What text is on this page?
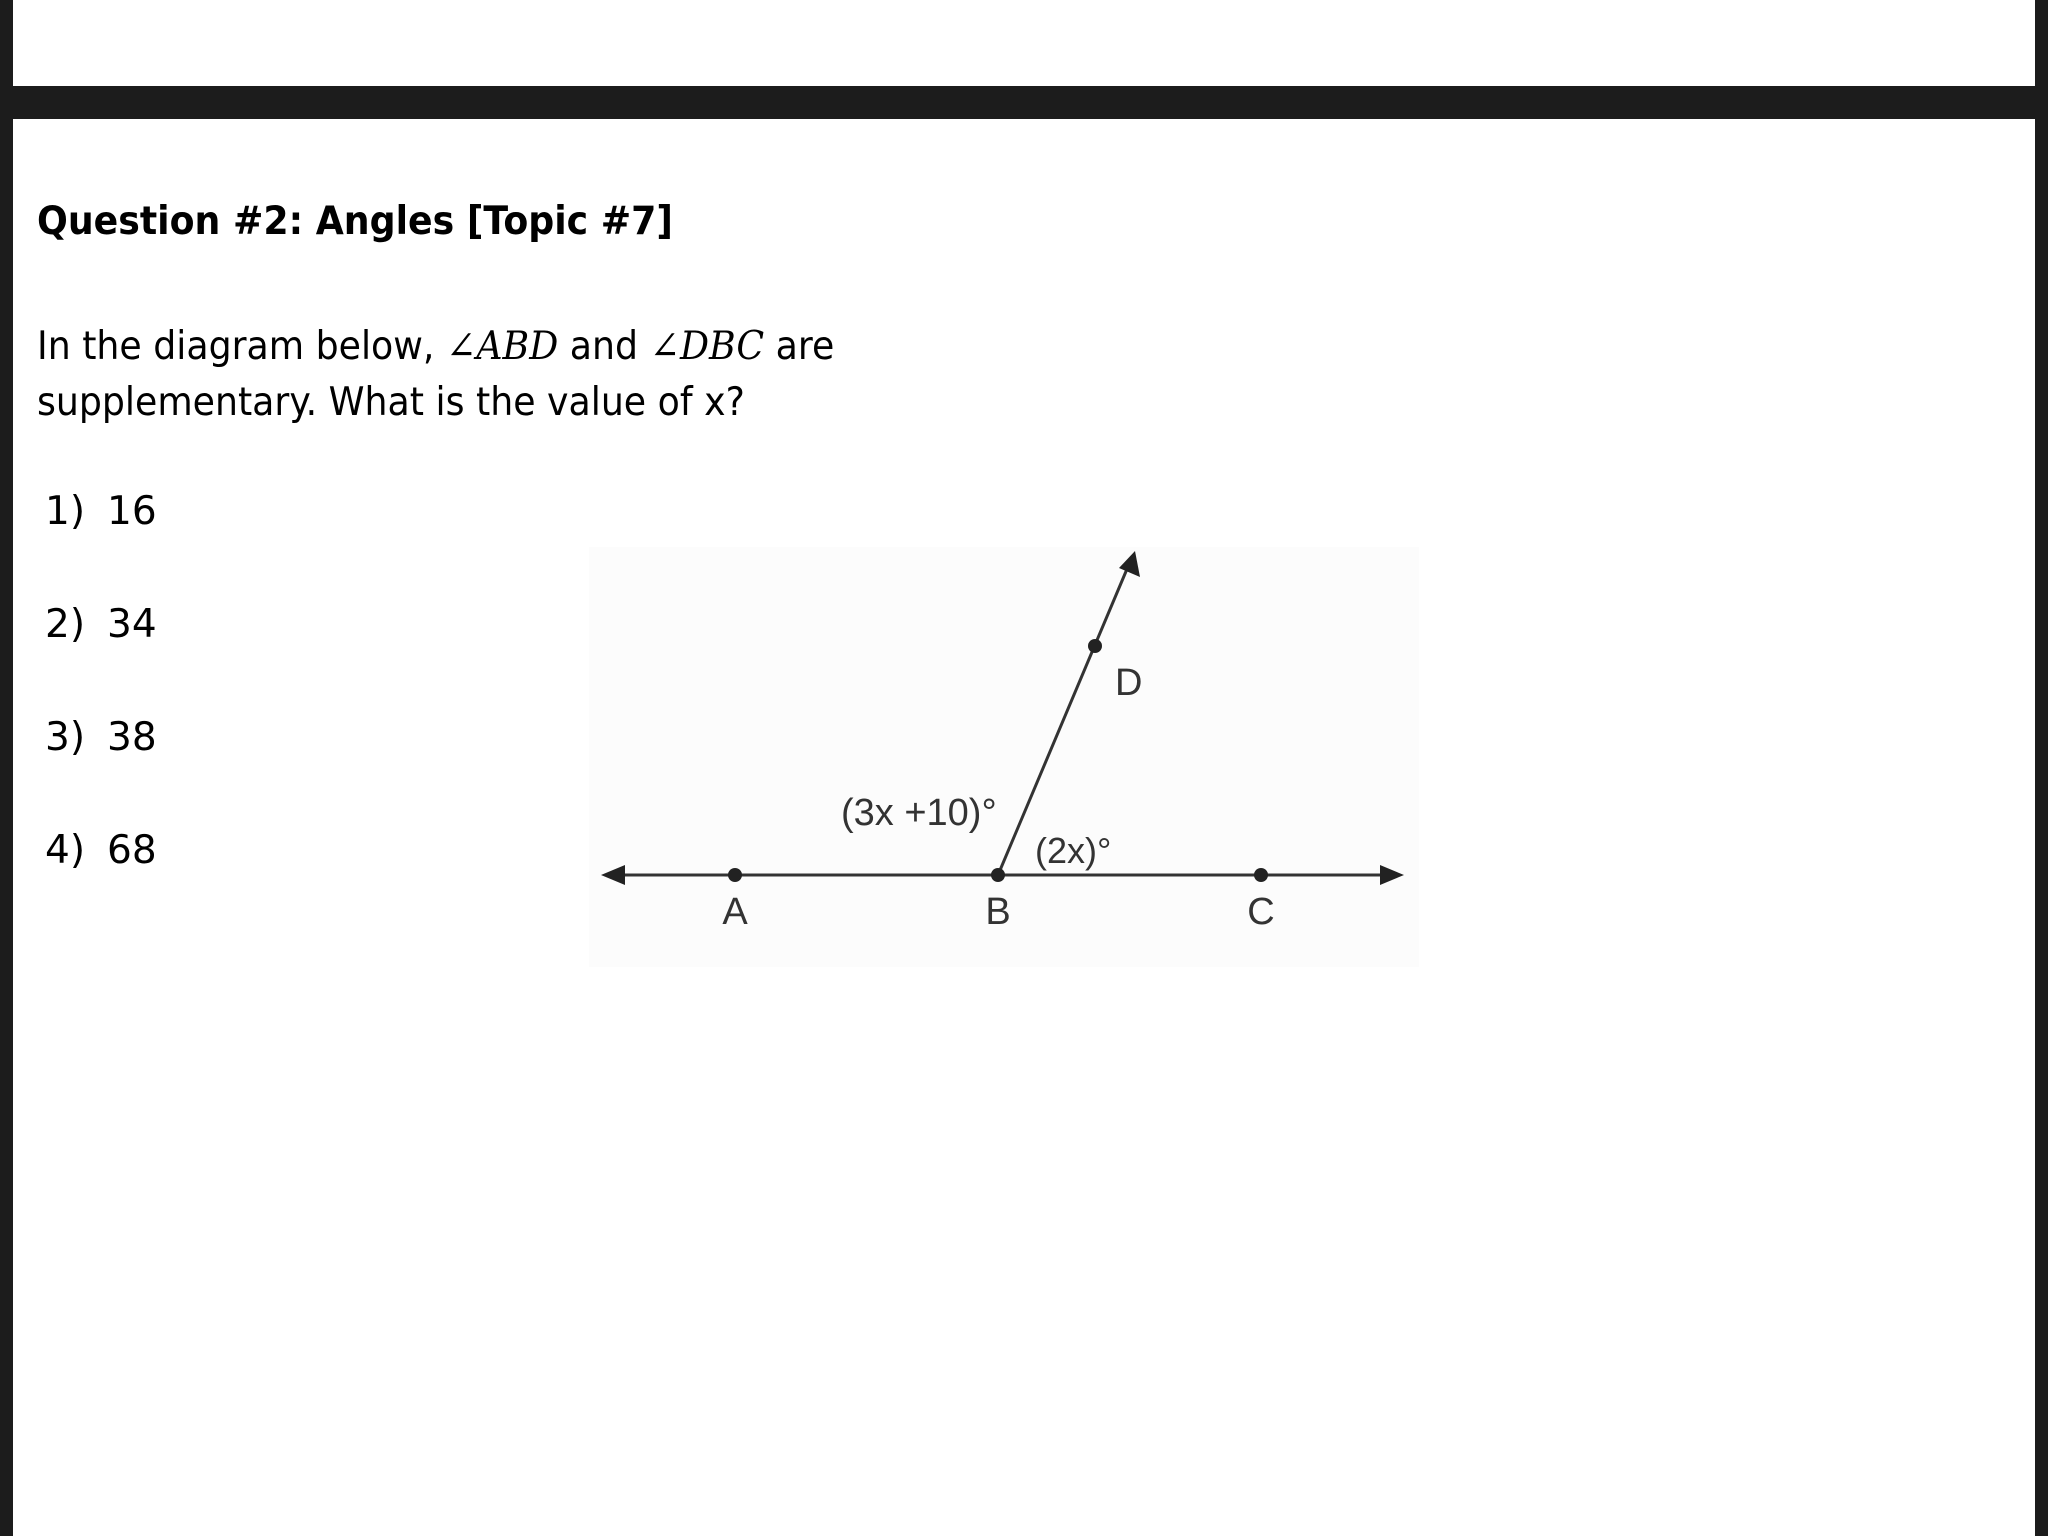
Question #2: Angles [Topic #7]
In the diagram below, ∠ABD and ∠DBC are supplementary. What is the value of x?
1) 16
2) 34
3) 38
4) 68
A	B	C
D
(3x +10)°
(2x)°
